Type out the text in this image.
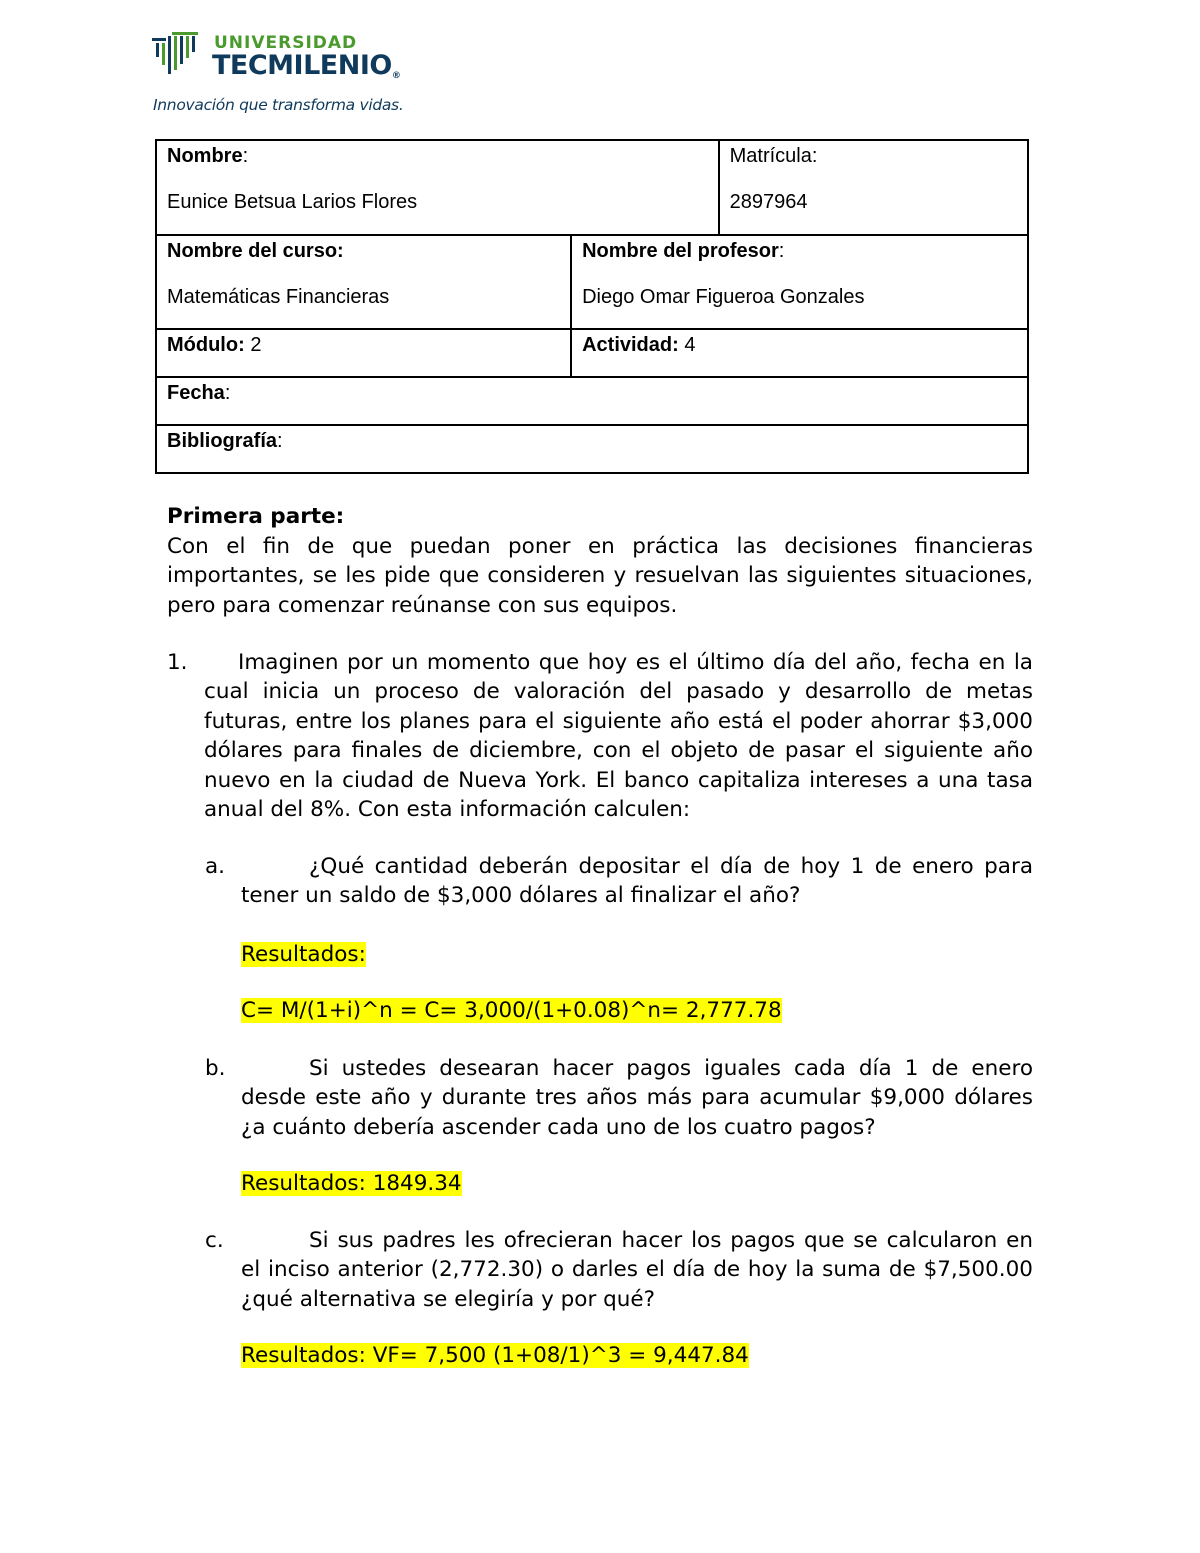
UNIVERSIDAD
TECMILENIO®
Innovación que transforma vidas.
Nombre:
Eunice Betsua Larios Flores		Matrícula:
2897964

Nombre del curso:
Matemáticas Financieras	Nombre del profesor:
Diego Omar Figueroa Gonzales	

Módulo: 2	Actividad: 4	

Fecha:		

Bibliografía:		
Primera parte:
Con el fin de que puedan poner en práctica las decisiones financieras importantes, se les pide que consideren y resuelvan las siguientes situaciones, pero para comenzar reúnanse con sus equipos.
1.	Imaginen por un momento que hoy es el último día del año, fecha en la cual inicia un proceso de valoración del pasado y desarrollo de metas futuras, entre los planes para el siguiente año está el poder ahorrar $3,000 dólares para finales de diciembre, con el objeto de pasar el siguiente año nuevo en la ciudad de Nueva York. El banco capitaliza intereses a una tasa anual del 8%. Con esta información calculen:
a.	¿Qué cantidad deberán depositar el día de hoy 1 de enero para tener un saldo de $3,000 dólares al finalizar el año?
Resultados:
C= M/(1+i)^n = C= 3,000/(1+0.08)^n= 2,777.78
b.	Si ustedes desearan hacer pagos iguales cada día 1 de enero desde este año y durante tres años más para acumular $9,000 dólares ¿a cuánto debería ascender cada uno de los cuatro pagos?
Resultados: 1849.34
c.	Si sus padres les ofrecieran hacer los pagos que se calcularon en el inciso anterior (2,772.30) o darles el día de hoy la suma de $7,500.00 ¿qué alternativa se elegiría y por qué?
Resultados: VF= 7,500 (1+08/1)^3 = 9,447.84
